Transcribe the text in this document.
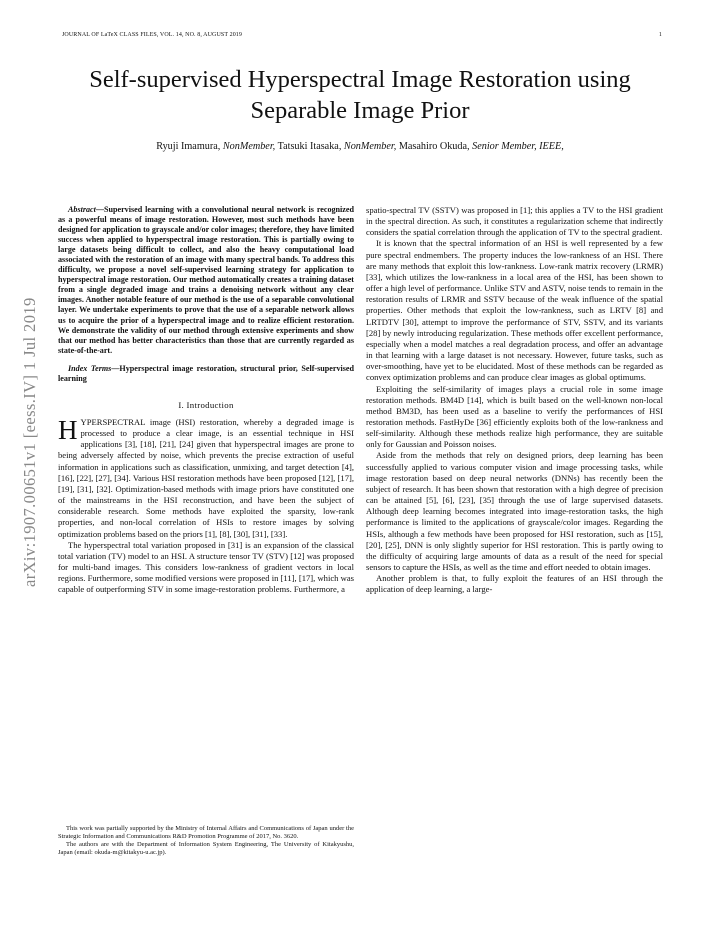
JOURNAL OF LaTeX CLASS FILES, VOL. 14, NO. 8, AUGUST 2019	1
Self-supervised Hyperspectral Image Restoration using Separable Image Prior
Ryuji Imamura, NonMember, Tatsuki Itasaka, NonMember, Masahiro Okuda, Senior Member, IEEE,
arXiv:1907.00651v1 [eess.IV] 1 Jul 2019

Abstract—Supervised learning with a convolutional neural network is recognized as a powerful means of image restoration. However, most such methods have been designed for application to grayscale and/or color images; therefore, they have limited success when applied to hyperspectral image restoration. This is partially owing to large datasets being difficult to collect, and also the heavy computational load associated with the restoration of an image with many spectral bands. To address this difficulty, we propose a novel self-supervised learning strategy for application to hyperspectral image restoration. Our method automatically creates a training dataset from a single degraded image and trains a denoising network without any clear images. Another notable feature of our method is the use of a separable convolutional layer. We undertake experiments to prove that the use of a separable network allows us to acquire the prior of a hyperspectral image and to realize efficient restoration. We demonstrate the validity of our method through extensive experiments and show that our method has better characteristics than those that are currently regarded as state-of-the-art.

Index Terms—Hyperspectral image restoration, structural prior, Self-supervised learning

I. Introduction

HYPERSPECTRAL image (HSI) restoration, whereby a degraded image is processed to produce a clear image, is an essential technique in HSI applications [3], [18], [21], [24] given that hyperspectral images are prone to being adversely affected by noise, which prevents the precise extraction of useful information in applications such as classification, unmixing, and target detection [4], [16], [22], [27], [34]. Various HSI restoration methods have been proposed [12], [17], [19], [31], [32]. Optimization-based methods with image priors have constituted one of the mainstreams in the HSI reconstruction, and have been the subject of considerable research. Some methods have exploited the sparsity, low-rank properties, and non-local correlation of HSIs to restore images by solving optimization problems based on the priors [1], [8], [30], [31], [33].

The hyperspectral total variation proposed in [31] is an expansion of the classical total variation (TV) model to an HSI. A structure tensor TV (STV) [12] was proposed for multi-band images. This considers low-rankness of gradient vectors in local regions. Furthermore, some modified versions were proposed in [11], [17], which was capable of outperforming STV in some image-restoration problems. Furthermore, a

This work was partially supported by the Ministry of Internal Affairs and Communications of Japan under the Strategic Information and Communications R&D Promotion Programme of 2017, No. 3620.

The authors are with the Department of Information System Engineering, The University of Kitakyushu, Japan (email: okuda-m@kitakyu-u.ac.jp).

spatio-spectral TV (SSTV) was proposed in [1]; this applies a TV to the HSI gradient in the spectral direction. As such, it constitutes a regularization scheme that indirectly considers the spatial correlation through the application of TV to the spectral gradient.

It is known that the spectral information of an HSI is well represented by a few pure spectral endmembers. The property induces the low-rankness of an HSI. There are many methods that exploit this low-rankness. Low-rank matrix recovery (LRMR) [33], which utilizes the low-rankness in a local area of the HSI, has been shown to offer a high level of performance. Unlike STV and ASTV, noise tends to remain in the restoration results of LRMR and SSTV because of the weak influence of the spatial properties. Other methods that exploit the low-rankness, such as LRTV [8] and LRTDTV [30], attempt to improve the performance of STV, SSTV, and its variants [28] by newly introducing regularization. These methods offer excellent performance, especially when a model matches a real degradation process, and offer an advantage in that learning with a large dataset is not necessary. However, future tasks, such as over-smoothing, have yet to be elucidated. Most of these methods can be regarded as convex optimization problems and can produce clear images as global optimums.

Exploiting the self-similarity of images plays a crucial role in some image restoration methods. BM4D [14], which is built based on the well-known non-local method BM3D, has been used as a baseline to verify the performances of HSI restoration methods. FastHyDe [36] efficiently exploits both of the low-rankness and self-similarity. Although these methods realize high performance, they are suitable only for Gaussian and Poisson noises.

Aside from the methods that rely on designed priors, deep learning has been successfully applied to various computer vision and image processing tasks, while image restoration based on deep neural networks (DNNs) has recently been the subject of research. It has been shown that restoration with a high degree of precision can be attained [5], [6], [23], [35] through the use of large supervised datasets. Although deep learning becomes integrated into image-restoration tasks, the high performance is limited to the applications of grayscale/color images. Regarding the HSIs, although a few methods have been proposed for HSI restoration, such as [15], [20], [25], DNN is only slightly superior for HSI restoration. This is partly owing to the difficulty of acquiring large amounts of data as a result of the need for special sensors to capture the HSIs, as well as the time and effort needed to obtain images.

Another problem is that, to fully exploit the features of an HSI through the application of deep learning, a large-
